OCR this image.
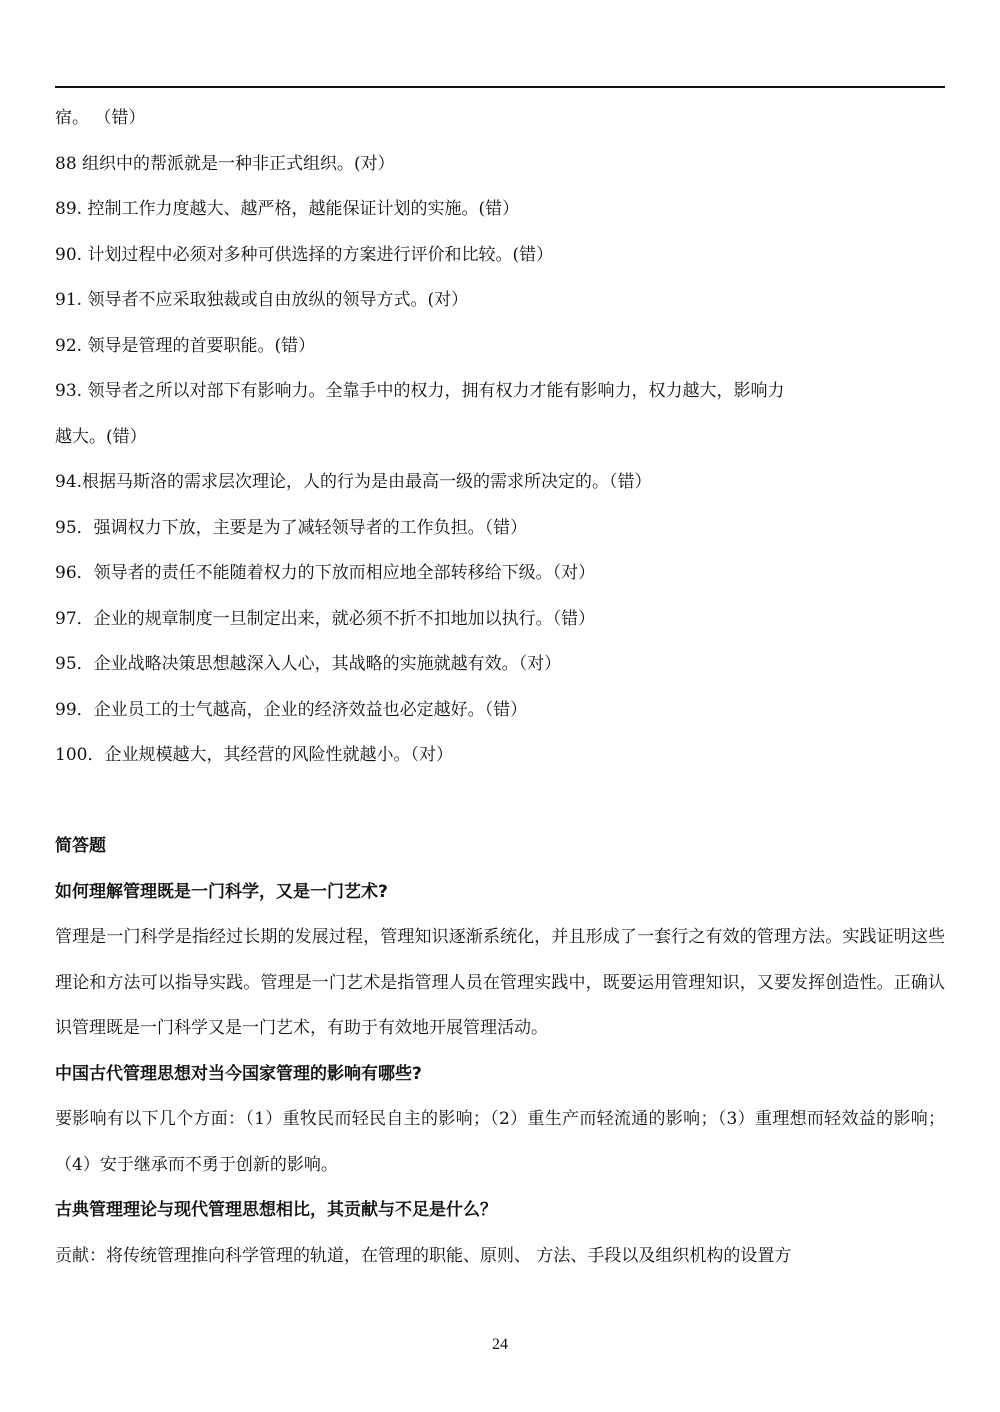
宿。 （错）
88 组织中的帮派就是一种非正式组织。(对）
89. 控制工作力度越大、越严格，越能保证计划的实施。(错）
90. 计划过程中必须对多种可供选择的方案进行评价和比较。(错）
91. 领导者不应采取独裁或自由放纵的领导方式。(对）
92. 领导是管理的首要职能。(错）
93. 领导者之所以对部下有影响力。全靠手中的权力，拥有权力才能有影响力，权力越大，影响力
越大。(错）
94.根据马斯洛的需求层次理论，人的行为是由最高一级的需求所决定的。（错）
95．强调权力下放，主要是为了减轻领导者的工作负担。（错）
96．领导者的责任不能随着权力的下放而相应地全部转移给下级。（对）
97．企业的规章制度一旦制定出来，就必须不折不扣地加以执行。（错）
95．企业战略决策思想越深入人心，其战略的实施就越有效。（对）
99．企业员工的士气越高，企业的经济效益也必定越好。（错）
100．企业规模越大，其经营的风险性就越小。（对）
简答题
如何理解管理既是一门科学，又是一门艺术?
管理是一门科学是指经过长期的发展过程，管理知识逐渐系统化，并且形成了一套行之有效的管理方法。实践证明这些理论和方法可以指导实践。管理是一门艺术是指管理人员在管理实践中，既要运用管理知识，又要发挥创造性。正确认识管理既是一门科学又是一门艺术，有助于有效地开展管理活动。
中国古代管理思想对当今国家管理的影响有哪些?
要影响有以下几个方面：（1）重牧民而轻民自主的影响；（2）重生产而轻流通的影响；（3）重理想而轻效益的影响；（4）安于继承而不勇于创新的影响。
古典管理理论与现代管理思想相比，其贡献与不足是什么？
贡献：将传统管理推向科学管理的轨道，在管理的职能、原则、 方法、手段以及组织机构的设置方
24
